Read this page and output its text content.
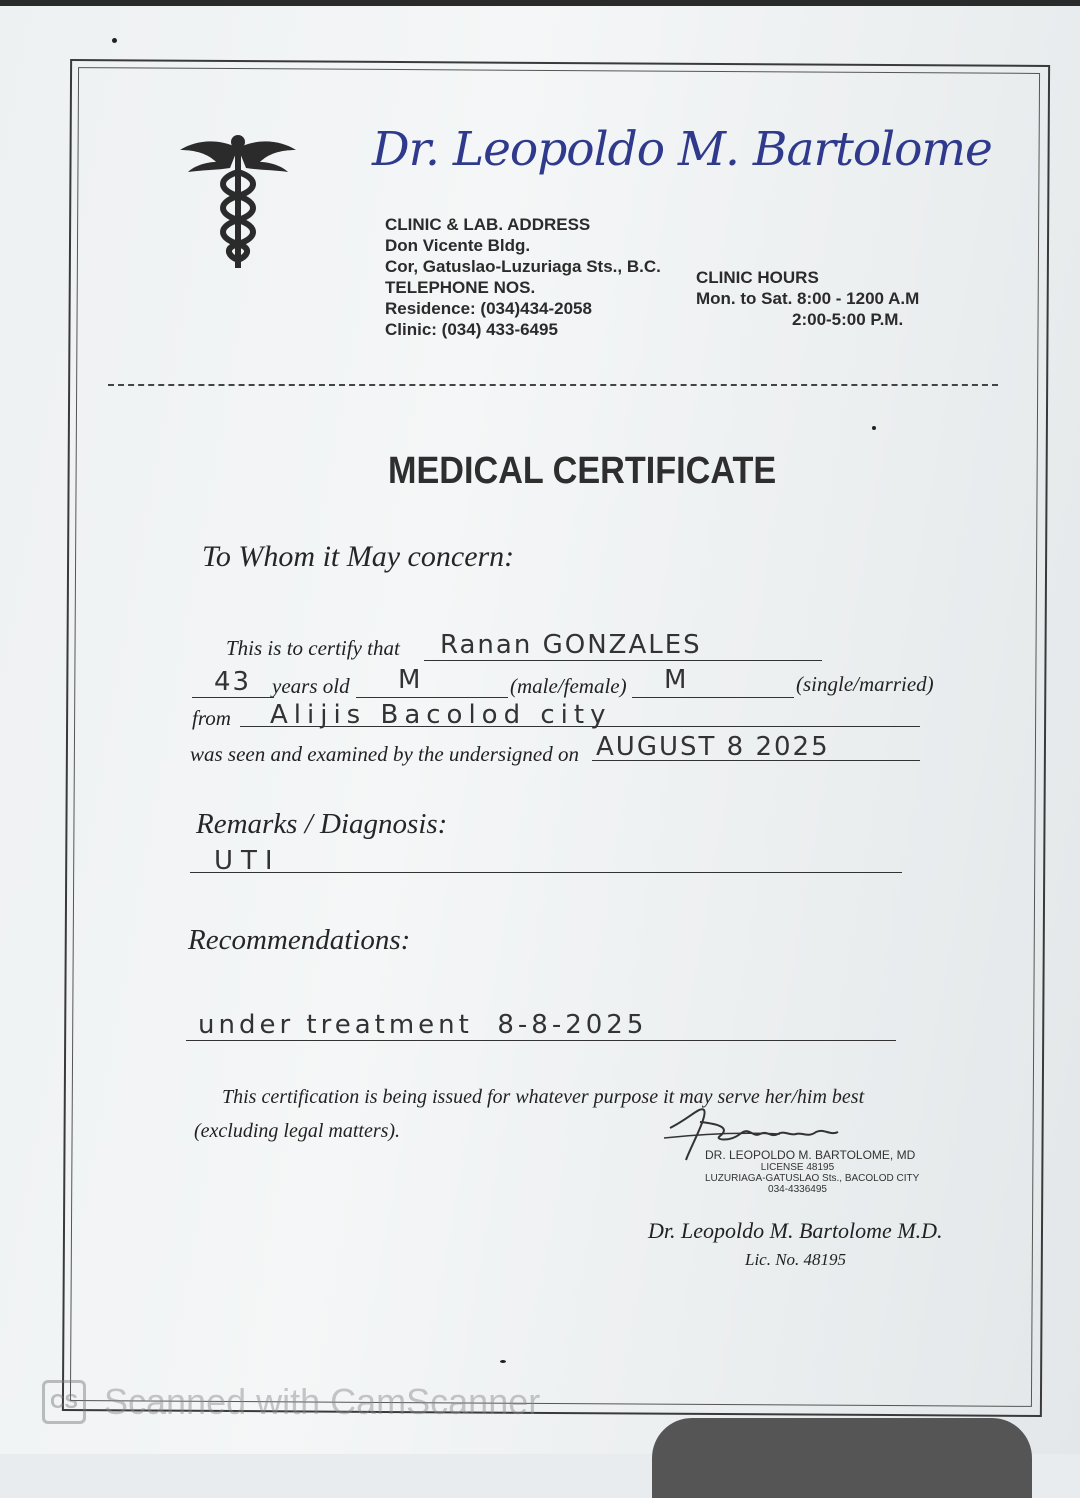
Dr. Leopoldo M. Bartolome
CLINIC & LAB. ADDRESS
Don Vicente Bldg.
Cor, Gatuslao-Luzuriaga Sts., B.C.
TELEPHONE NOS.
Residence: (034)434-2058
Clinic: (034) 433-6495
CLINIC HOURS
Mon. to Sat. 8:00 - 1200 A.M
2:00-5:00 P.M.
MEDICAL CERTIFICATE
To Whom it May concern:
This is to certify that Ranan GONZALES
43 years old M	(male/female) M	(single/married)
from Alijis Bacolod city
was seen and examined by the undersigned on AUGUST 8 2025
Remarks / Diagnosis:
UTI
Recommendations:
under treatment  8-8-2025
This certification is being issued for whatever purpose it may serve her/him best
(excluding legal matters).
DR. LEOPOLDO M. BARTOLOME, MD
LICENSE 48195
LUZURIAGA-GATUSLAO Sts., BACOLOD CITY
034-4336495
Dr. Leopoldo M. Bartolome M.D.
Lic. No. 48195
CS Scanned with CamScanner
